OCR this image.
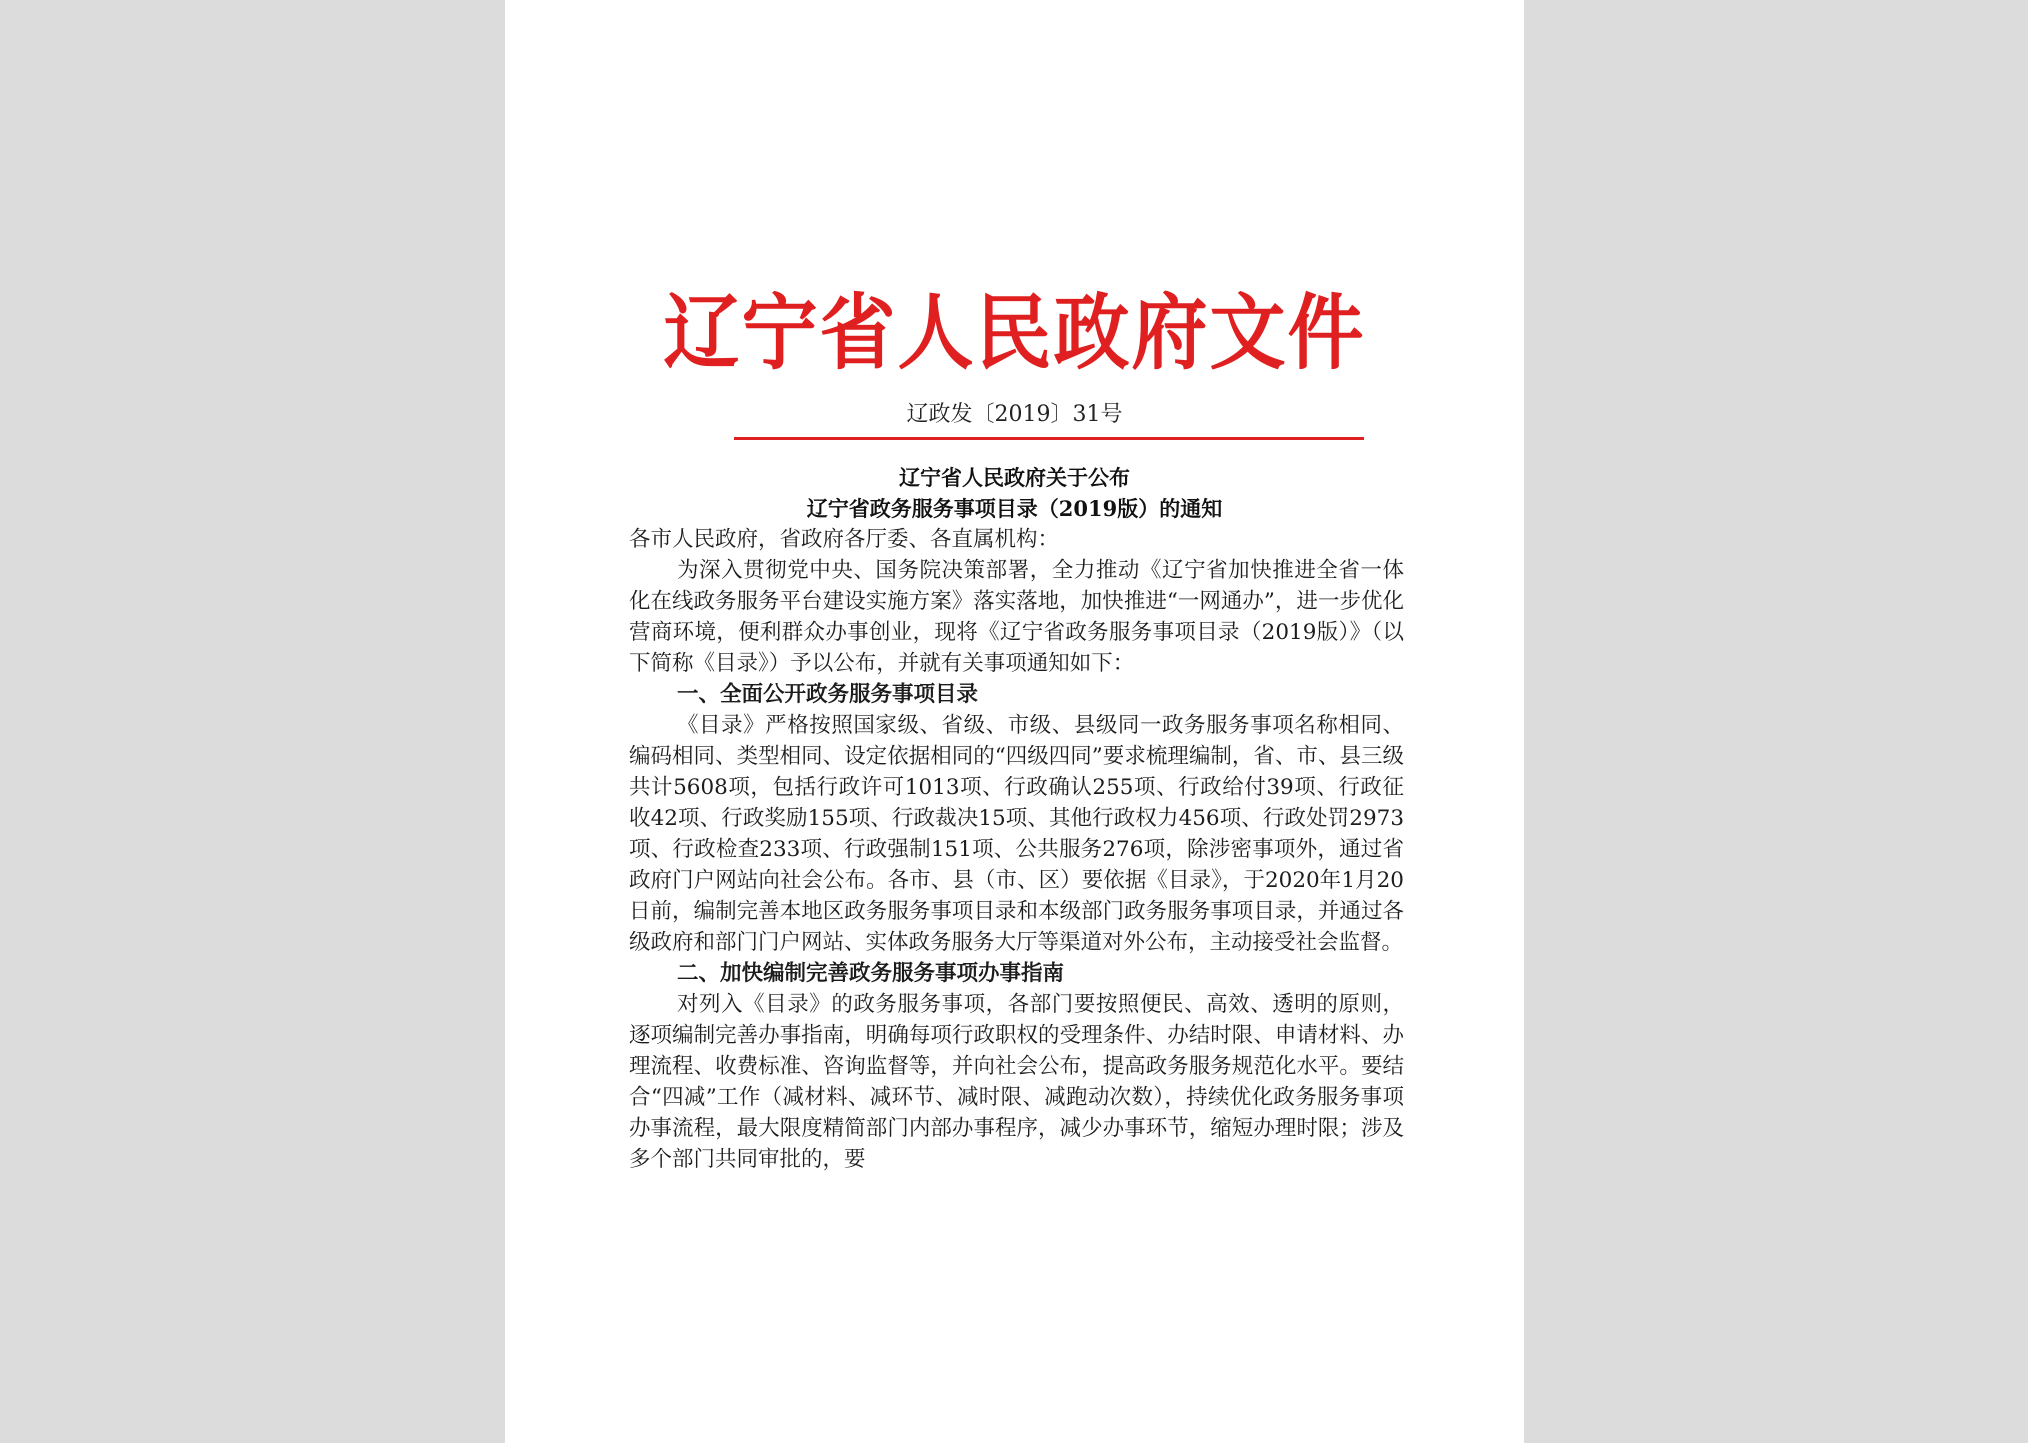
辽宁省人民政府文件
辽政发〔2019〕31号
辽宁省人民政府关于公布
辽宁省政务服务事项目录（2019版）的通知

各市人民政府，省政府各厅委、各直属机构：

为深入贯彻党中央、国务院决策部署，全力推动《辽宁省加快推进全省一体化在线政务服务平台建设实施方案》落实落地，加快推进“一网通办”，进一步优化营商环境，便利群众办事创业，现将《辽宁省政务服务事项目录（2019版）》（以下简称《目录》）予以公布，并就有关事项通知如下：

一、全面公开政务服务事项目录

《目录》严格按照国家级、省级、市级、县级同一政务服务事项名称相同、编码相同、类型相同、设定依据相同的“四级四同”要求梳理编制，省、市、县三级共计5608项，包括行政许可1013项、行政确认255项、行政给付39项、行政征收42项、行政奖励155项、行政裁决15项、其他行政权力456项、行政处罚2973项、行政检查233项、行政强制151项、公共服务276项，除涉密事项外，通过省政府门户网站向社会公布。各市、县（市、区）要依据《目录》，于2020年1月20日前，编制完善本地区政务服务事项目录和本级部门政务服务事项目录，并通过各级政府和部门门户网站、实体政务服务大厅等渠道对外公布，主动接受社会监督。

二、加快编制完善政务服务事项办事指南

对列入《目录》的政务服务事项，各部门要按照便民、高效、透明的原则，逐项编制完善办事指南，明确每项行政职权的受理条件、办结时限、申请材料、办理流程、收费标准、咨询监督等，并向社会公布，提高政务服务规范化水平。要结合“四减”工作（减材料、减环节、减时限、减跑动次数），持续优化政务服务事项办事流程，最大限度精简部门内部办事程序，减少办事环节，缩短办理时限；涉及多个部门共同审批的，要
